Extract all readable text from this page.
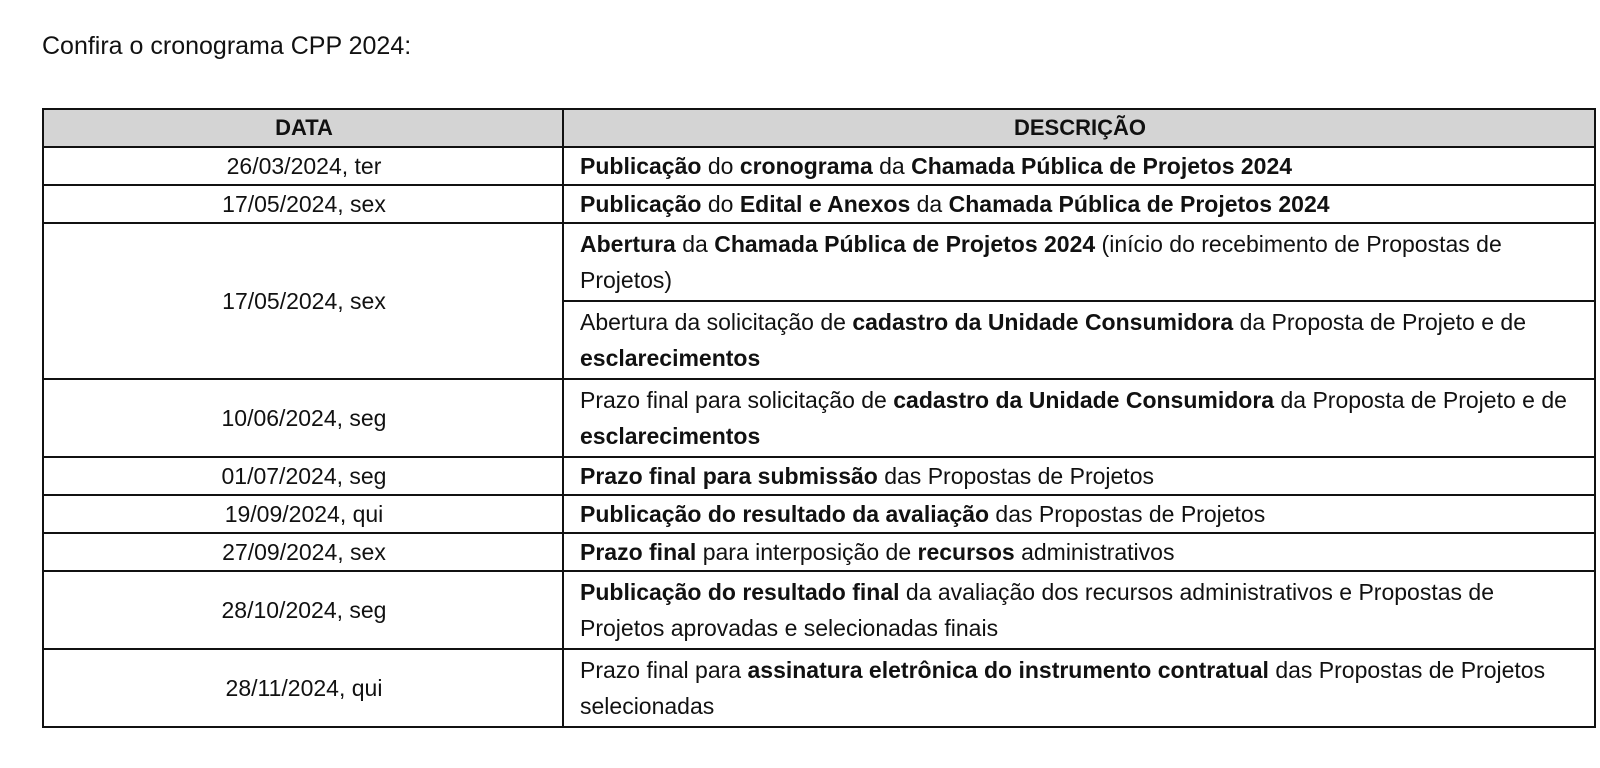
Confira o cronograma CPP 2024:

DATA	DESCRIÇÃO
26/03/2024, ter	Publicação do cronograma da Chamada Pública de Projetos 2024
17/05/2024, sex	Publicação do Edital e Anexos da Chamada Pública de Projetos 2024
17/05/2024, sex	Abertura da Chamada Pública de Projetos 2024 (início do recebimento de Propostas de Projetos)
	Abertura da solicitação de cadastro da Unidade Consumidora da Proposta de Projeto e de esclarecimentos
10/06/2024, seg	Prazo final para solicitação de cadastro da Unidade Consumidora da Proposta de Projeto e de esclarecimentos
01/07/2024, seg	Prazo final para submissão das Propostas de Projetos
19/09/2024, qui	Publicação do resultado da avaliação das Propostas de Projetos
27/09/2024, sex	Prazo final para interposição de recursos administrativos
28/10/2024, seg	Publicação do resultado final da avaliação dos recursos administrativos e Propostas de Projetos aprovadas e selecionadas finais
28/11/2024, qui	Prazo final para assinatura eletrônica do instrumento contratual das Propostas de Projetos selecionadas
